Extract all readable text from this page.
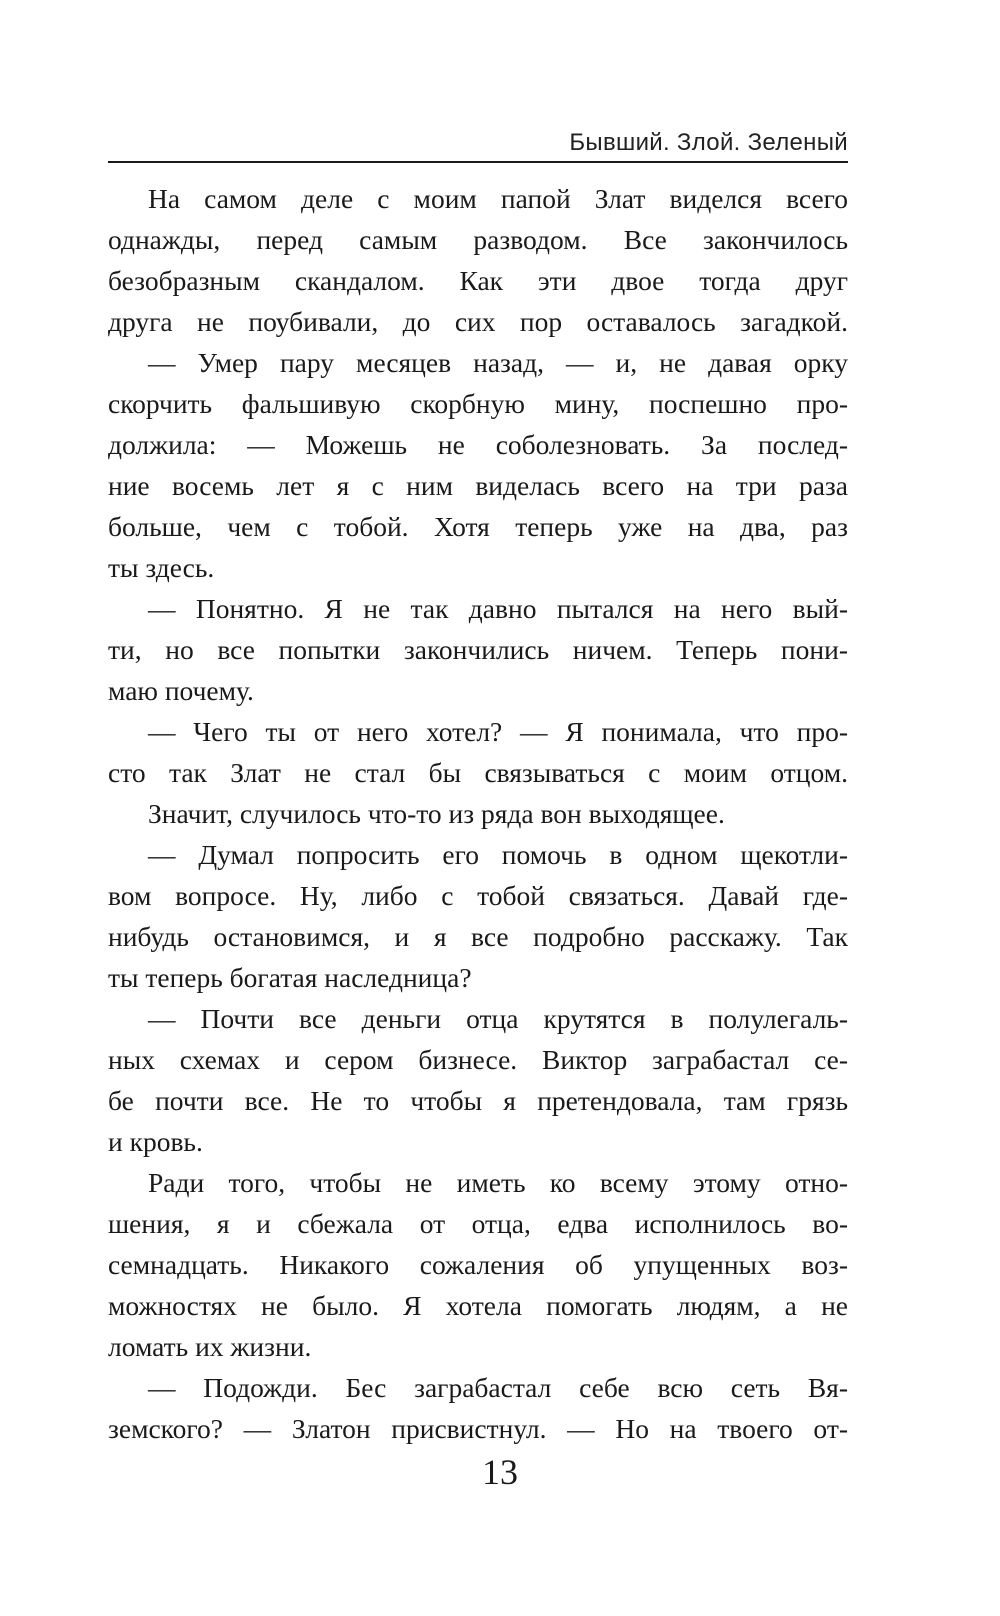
Бывший. Злой. Зеленый
На самом деле с моим папой Злат виделся всего
однажды, перед самым разводом. Все закончилось
безобразным скандалом. Как эти двое тогда друг
друга не поубивали, до сих пор оставалось загадкой.
— Умер пару месяцев назад, — и, не давая орку
скорчить фальшивую скорбную мину, поспешно про-
должила: — Можешь не соболезновать. За послед-
ние восемь лет я с ним виделась всего на три раза
больше, чем с тобой. Хотя теперь уже на два, раз
ты здесь.
— Понятно. Я не так давно пытался на него вый-
ти, но все попытки закончились ничем. Теперь пони-
маю почему.
— Чего ты от него хотел? — Я понимала, что про-
сто так Злат не стал бы связываться с моим отцом.
Значит, случилось что-то из ряда вон выходящее.
— Думал попросить его помочь в одном щекотли-
вом вопросе. Ну, либо с тобой связаться. Давай где-
нибудь остановимся, и я все подробно расскажу. Так
ты теперь богатая наследница?
— Почти все деньги отца крутятся в полулегаль-
ных схемах и сером бизнесе. Виктор заграбастал се-
бе почти все. Не то чтобы я претендовала, там грязь
и кровь.
Ради того, чтобы не иметь ко всему этому отно-
шения, я и сбежала от отца, едва исполнилось во-
семнадцать. Никакого сожаления об упущенных воз-
можностях не было. Я хотела помогать людям, а не
ломать их жизни.
— Подожди. Бес заграбастал себе всю сеть Вя-
земского? — Златон присвистнул. — Но на твоего от-
13
